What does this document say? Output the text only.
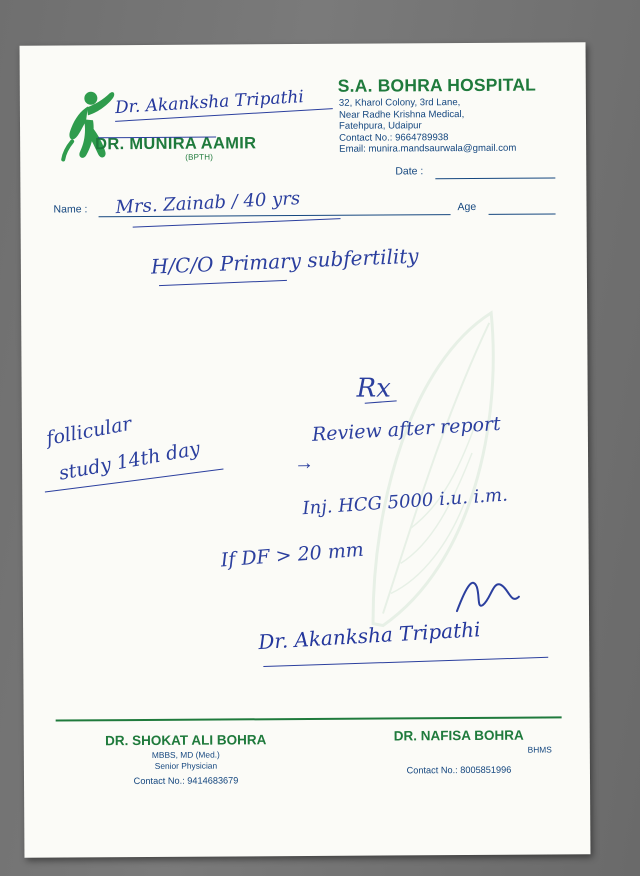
S.A. BOHRA HOSPITAL
32, Kharol Colony, 3rd Lane,
Near Radhe Krishna Medical,
Fatehpura, Udaipur
Contact No.: 9664789938
Email: munira.mandsaurwala@gmail.com
DR. MUNIRA AAMIR
(BPTH)
Date :
Name :	Age
Dr. Akanksha Tripathi
Mrs. Zainab / 40 yrs
H/C/O Primary subfertility
Rx
→
Review after report
Inj. HCG 5000 i.u. i.m.
If DF > 20 mm
follicular
study 14th day
Dr. Akanksha Tripathi
DR. SHOKAT ALI BOHRA
MBBS, MD (Med.)
Senior Physician
Contact No.: 9414683679
DR. NAFISA BOHRA
BHMS
Contact No.: 8005851996
